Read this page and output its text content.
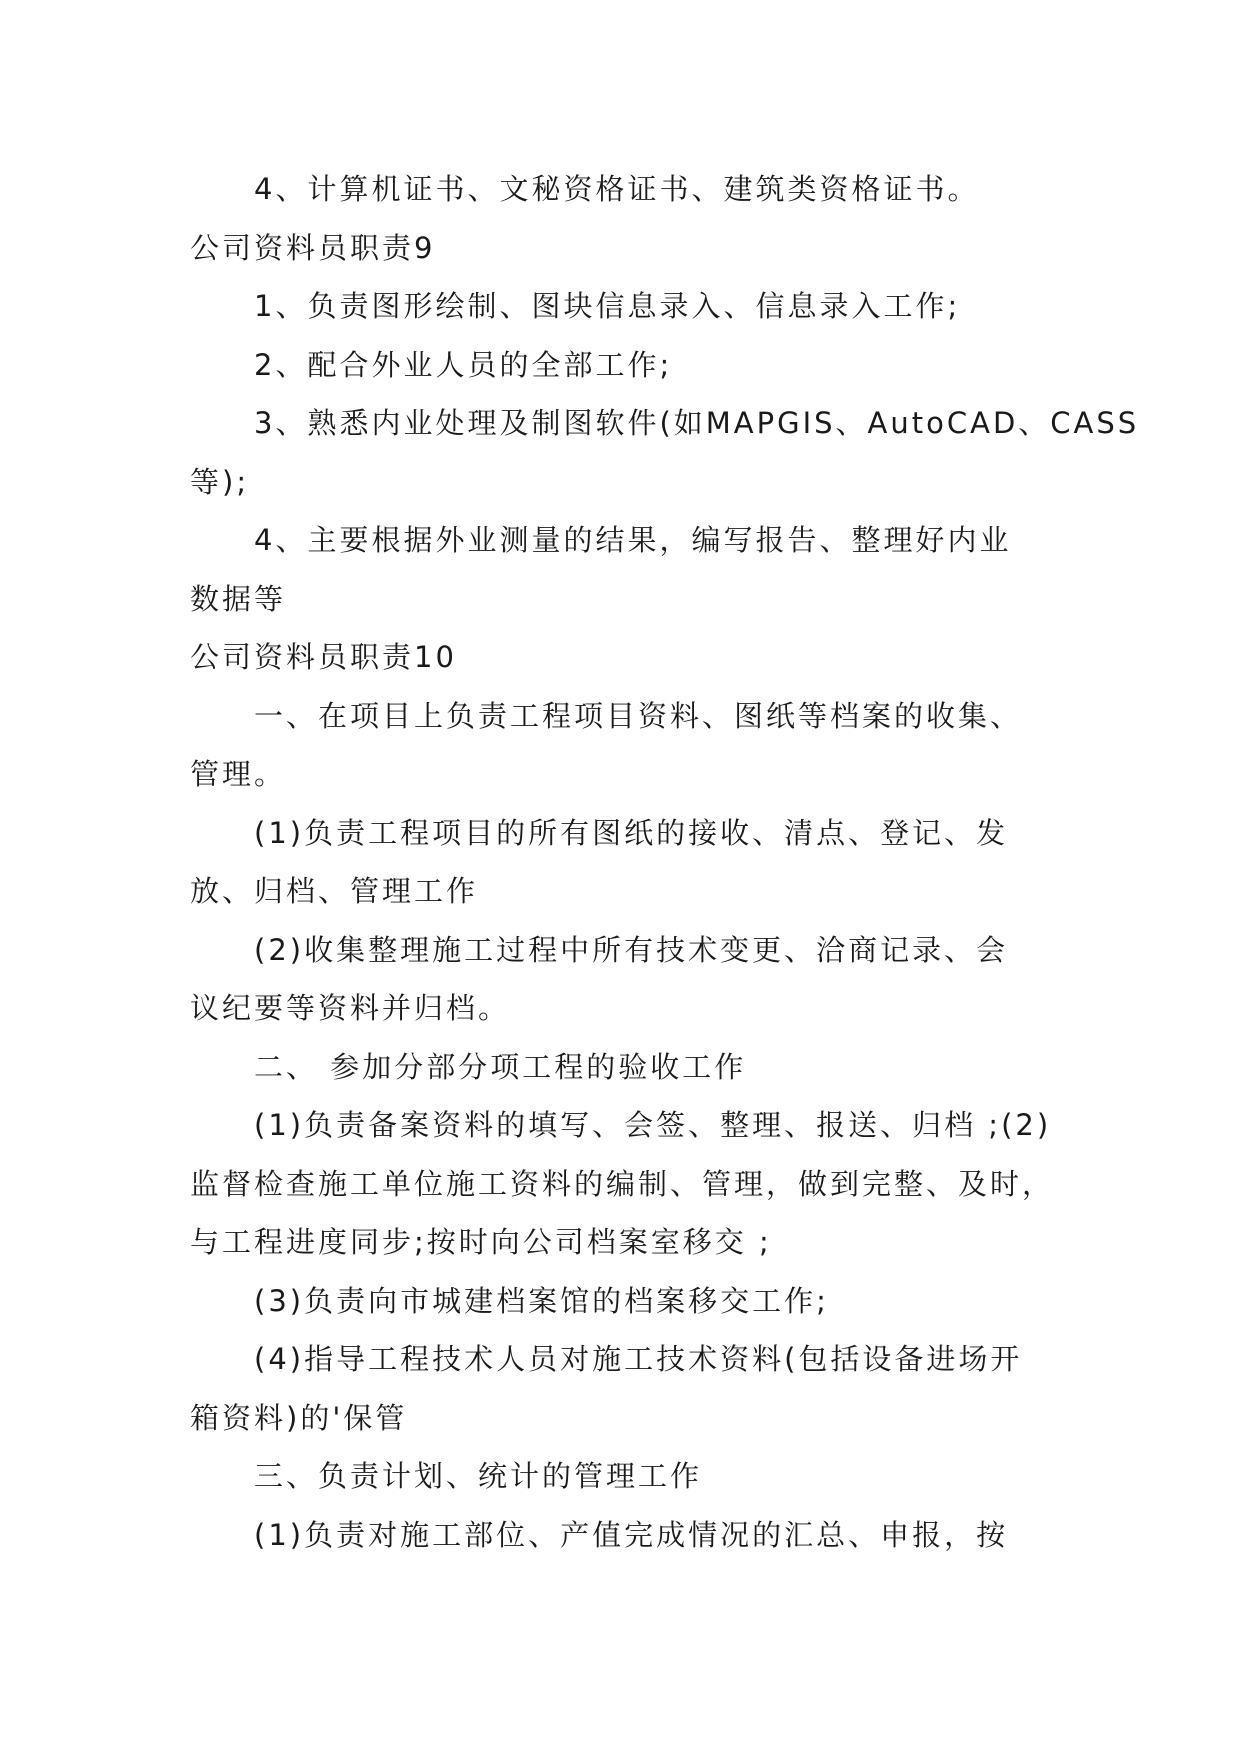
4、计算机证书、文秘资格证书、建筑类资格证书。
公司资料员职责9
1、负责图形绘制、图块信息录入、信息录入工作;
2、配合外业人员的全部工作;
3、熟悉内业处理及制图软件(如MAPGIS、AutoCAD、CASS
等);
4、主要根据外业测量的结果，编写报告、整理好内业
数据等
公司资料员职责10
一、在项目上负责工程项目资料、图纸等档案的收集、
管理。
(1)负责工程项目的所有图纸的接收、清点、登记、发
放、归档、管理工作
(2)收集整理施工过程中所有技术变更、洽商记录、会
议纪要等资料并归档。
二、 参加分部分项工程的验收工作
(1)负责备案资料的填写、会签、整理、报送、归档 ;(2)
监督检查施工单位施工资料的编制、管理，做到完整、及时，
与工程进度同步;按时向公司档案室移交 ;
(3)负责向市城建档案馆的档案移交工作;
(4)指导工程技术人员对施工技术资料(包括设备进场开
箱资料)的'保管
三、负责计划、统计的管理工作
(1)负责对施工部位、产值完成情况的汇总、申报，按
